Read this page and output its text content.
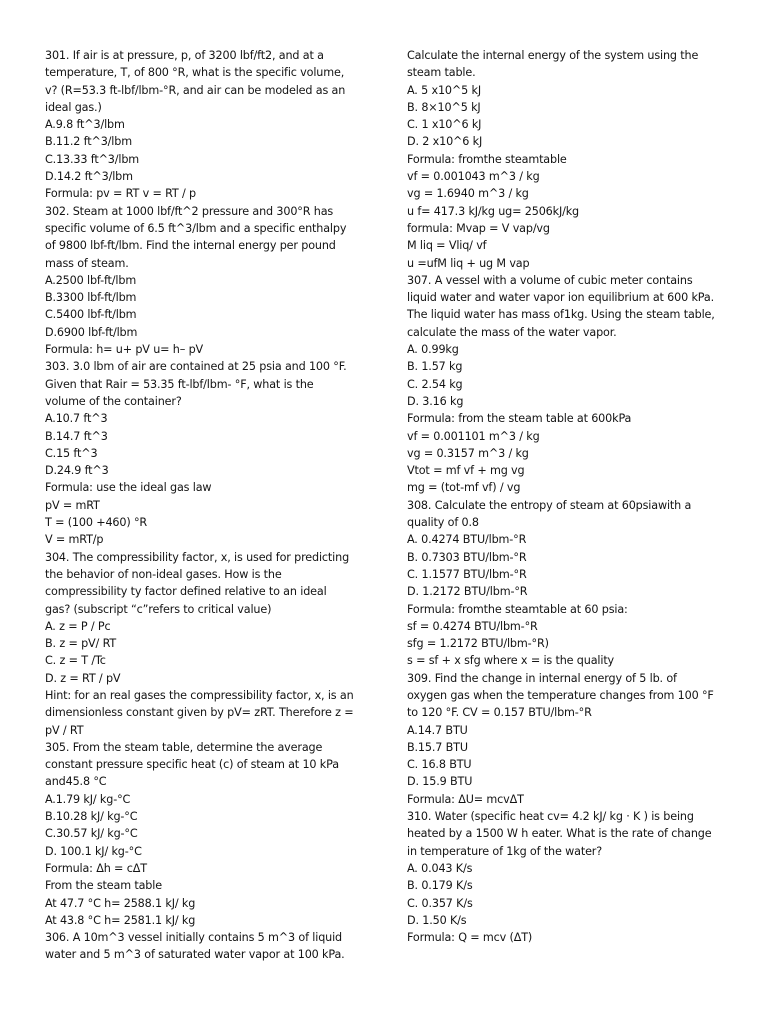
301. If air is at pressure, p, of 3200 lbf/ft2, and at a
temperature, T, of 800 °R, what is the specific volume,
v? (R=53.3 ft-lbf/lbm-°R, and air can be modeled as an
ideal gas.)
A.9.8 ft^3/lbm
B.11.2 ft^3/lbm
C.13.33 ft^3/lbm
D.14.2 ft^3/lbm
Formula: pv = RT v = RT / p
302. Steam at 1000 lbf/ft^2 pressure and 300°R has
specific volume of 6.5 ft^3/lbm and a specific enthalpy
of 9800 lbf-ft/lbm. Find the internal energy per pound
mass of steam.
A.2500 lbf-ft/lbm
B.3300 lbf-ft/lbm
C.5400 lbf-ft/lbm
D.6900 lbf-ft/lbm
Formula: h= u+ pV u= h– pV
303. 3.0 lbm of air are contained at 25 psia and 100 °F.
Given that Rair = 53.35 ft-lbf/lbm- °F, what is the
volume of the container?
A.10.7 ft^3
B.14.7 ft^3
C.15 ft^3
D.24.9 ft^3
Formula: use the ideal gas law
pV = mRT
T = (100 +460) °R
V = mRT/p
304. The compressibility factor, x, is used for predicting
the behavior of non-ideal gases. How is the
compressibility ty factor defined relative to an ideal
gas? (subscript “c”refers to critical value)
A. z = P / Pc
B. z = pV/ RT
C. z = T /Tc
D. z = RT / pV
Hint: for an real gases the compressibility factor, x, is an
dimensionless constant given by pV= zRT. Therefore z =
pV / RT
305. From the steam table, determine the average
constant pressure specific heat (c) of steam at 10 kPa
and45.8 °C
A.1.79 kJ/ kg-°C
B.10.28 kJ/ kg-°C
C.30.57 kJ/ kg-°C
D. 100.1 kJ/ kg-°C
Formula: Δh = cΔT
From the steam table
At 47.7 °C h= 2588.1 kJ/ kg
At 43.8 °C h= 2581.1 kJ/ kg
306. A 10m^3 vessel initially contains 5 m^3 of liquid
water and 5 m^3 of saturated water vapor at 100 kPa.
Calculate the internal energy of the system using the
steam table.
A. 5 x10^5 kJ
B. 8×10^5 kJ
C. 1 x10^6 kJ
D. 2 x10^6 kJ
Formula: fromthe steamtable
vf = 0.001043 m^3 / kg
vg = 1.6940 m^3 / kg
u f= 417.3 kJ/kg ug= 2506kJ/kg
formula: Mvap = V vap/vg
M liq = Vliq/ vf
u =ufM liq + ug M vap
307. A vessel with a volume of cubic meter contains
liquid water and water vapor ion equilibrium at 600 kPa.
The liquid water has mass of1kg. Using the steam table,
calculate the mass of the water vapor.
A. 0.99kg
B. 1.57 kg
C. 2.54 kg
D. 3.16 kg
Formula: from the steam table at 600kPa
vf = 0.001101 m^3 / kg
vg = 0.3157 m^3 / kg
Vtot = mf vf + mg vg
mg = (tot-mf vf) / vg
308. Calculate the entropy of steam at 60psiawith a
quality of 0.8
A. 0.4274 BTU/lbm-°R
B. 0.7303 BTU/lbm-°R
C. 1.1577 BTU/lbm-°R
D. 1.2172 BTU/lbm-°R
Formula: fromthe steamtable at 60 psia:
sf = 0.4274 BTU/lbm-°R
sfg = 1.2172 BTU/lbm-°R)
s = sf + x sfg where x = is the quality
309. Find the change in internal energy of 5 lb. of
oxygen gas when the temperature changes from 100 °F
to 120 °F. CV = 0.157 BTU/lbm-°R
A.14.7 BTU
B.15.7 BTU
C. 16.8 BTU
D. 15.9 BTU
Formula: ΔU= mcvΔT
310. Water (specific heat cv= 4.2 kJ/ kg · K ) is being
heated by a 1500 W h eater. What is the rate of change
in temperature of 1kg of the water?
A. 0.043 K/s
B. 0.179 K/s
C. 0.357 K/s
D. 1.50 K/s
Formula: Q = mcv (ΔT)
